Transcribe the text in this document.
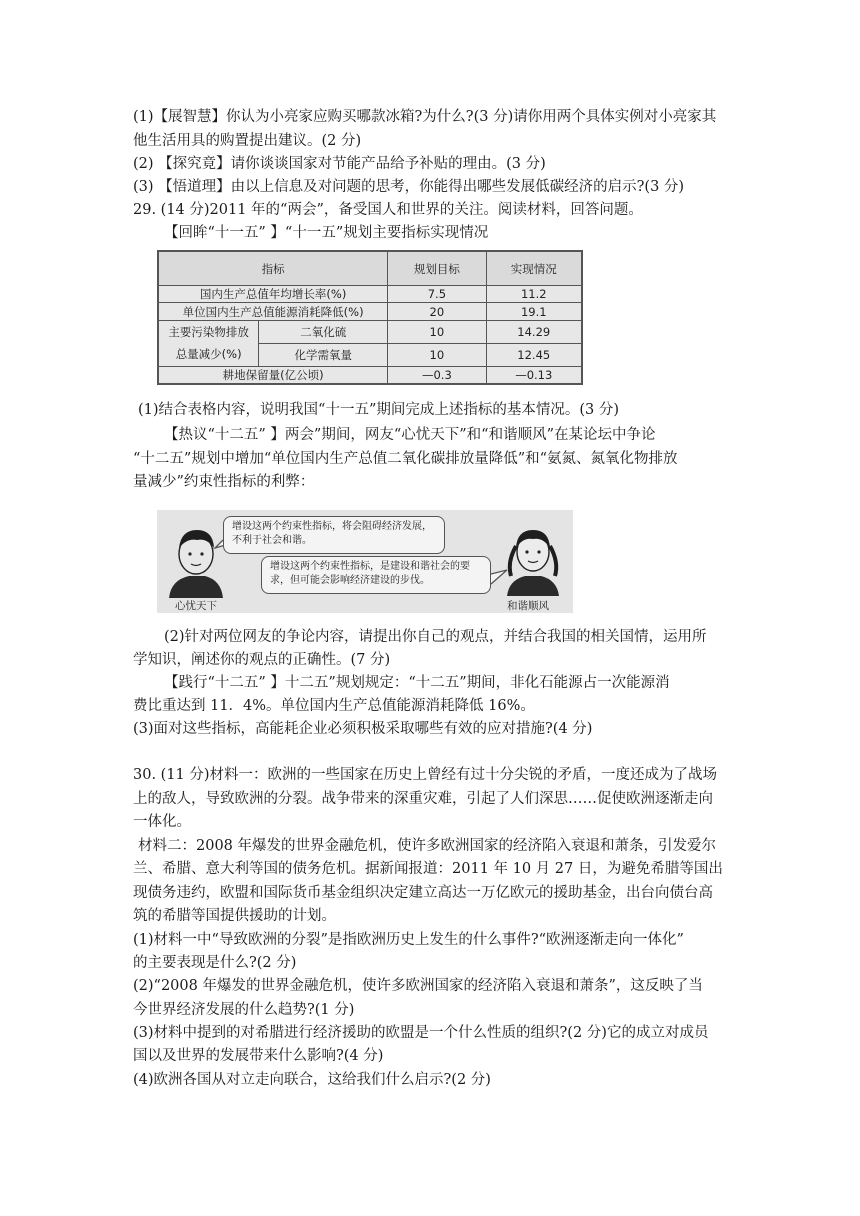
(1)【展智慧】你认为小亮家应购买哪款冰箱?为什么?(3 分)请你用两个具体实例对小亮家其
他生活用具的购置提出建议。(2 分)
(2) 【探究竟】请你谈谈国家对节能产品给予补贴的理由。(3 分)
(3) 【悟道理】由以上信息及对问题的思考，你能得出哪些发展低碳经济的启示?(3 分)
29. (14 分)2011 年的“两会”，备受国人和世界的关注。阅读材料，回答问题。
【回眸“十一五” 】“十一五”规划主要指标实现情况
指标		规划目标	实现情况
国内生产总值年均增长率(%)		7.5	11.2
单位国内生产总值能源消耗降低(%)		20	19.1
主要污染物排放
总量减少(%)	二氧化硫	10	14.29
	化学需氧量	10	12.45
耕地保留量(亿公顷)		—0.3	—0.13
(1)结合表格内容，说明我国“十一五”期间完成上述指标的基本情况。(3 分)
【热议“十二五” 】两会”期间，网友“心忧天下”和“和谐顺风”在某论坛中争论
“十二五”规划中增加“单位国内生产总值二氧化碳排放量降低”和“氨氮、氮氧化物排放
量减少”约束性指标的利弊：
增设这两个约束性指标，将会阻碍经济发展，不利于社会和谐。
增设这两个约束性指标，是建设和谐社会的要求，但可能会影响经济建设的步伐。
心忧天下	和谐顺风
(2)针对两位网友的争论内容，请提出你自己的观点，并结合我国的相关国情，运用所
学知识，阐述你的观点的正确性。(7 分)
【践行“十二五” 】十二五”规划规定：“十二五”期间，非化石能源占一次能源消
费比重达到 11．4%。单位国内生产总值能源消耗降低 16%。
(3)面对这些指标，高能耗企业必须积极采取哪些有效的应对措施?(4 分)
30. (11 分)材料一：欧洲的一些国家在历史上曾经有过十分尖锐的矛盾，一度还成为了战场
上的敌人，导致欧洲的分裂。战争带来的深重灾难，引起了人们深思……促使欧洲逐渐走向
一体化。
材料二：2008 年爆发的世界金融危机，使许多欧洲国家的经济陷入衰退和萧条，引发爱尔
兰、希腊、意大利等国的债务危机。据新闻报道：2011 年 10 月 27 日，为避免希腊等国出
现债务违约，欧盟和国际货币基金组织决定建立高达一万亿欧元的援助基金，出台向债台高
筑的希腊等国提供援助的计划。
(1)材料一中“导致欧洲的分裂”是指欧洲历史上发生的什么事件?“欧洲逐渐走向一体化”
的主要表现是什么?(2 分)
(2)“2008 年爆发的世界金融危机，使许多欧洲国家的经济陷入衰退和萧条”，这反映了当
今世界经济发展的什么趋势?(1 分)
(3)材料中提到的对希腊进行经济援助的欧盟是一个什么性质的组织?(2 分)它的成立对成员
国以及世界的发展带来什么影响?(4 分)
(4)欧洲各国从对立走向联合，这给我们什么启示?(2 分)
